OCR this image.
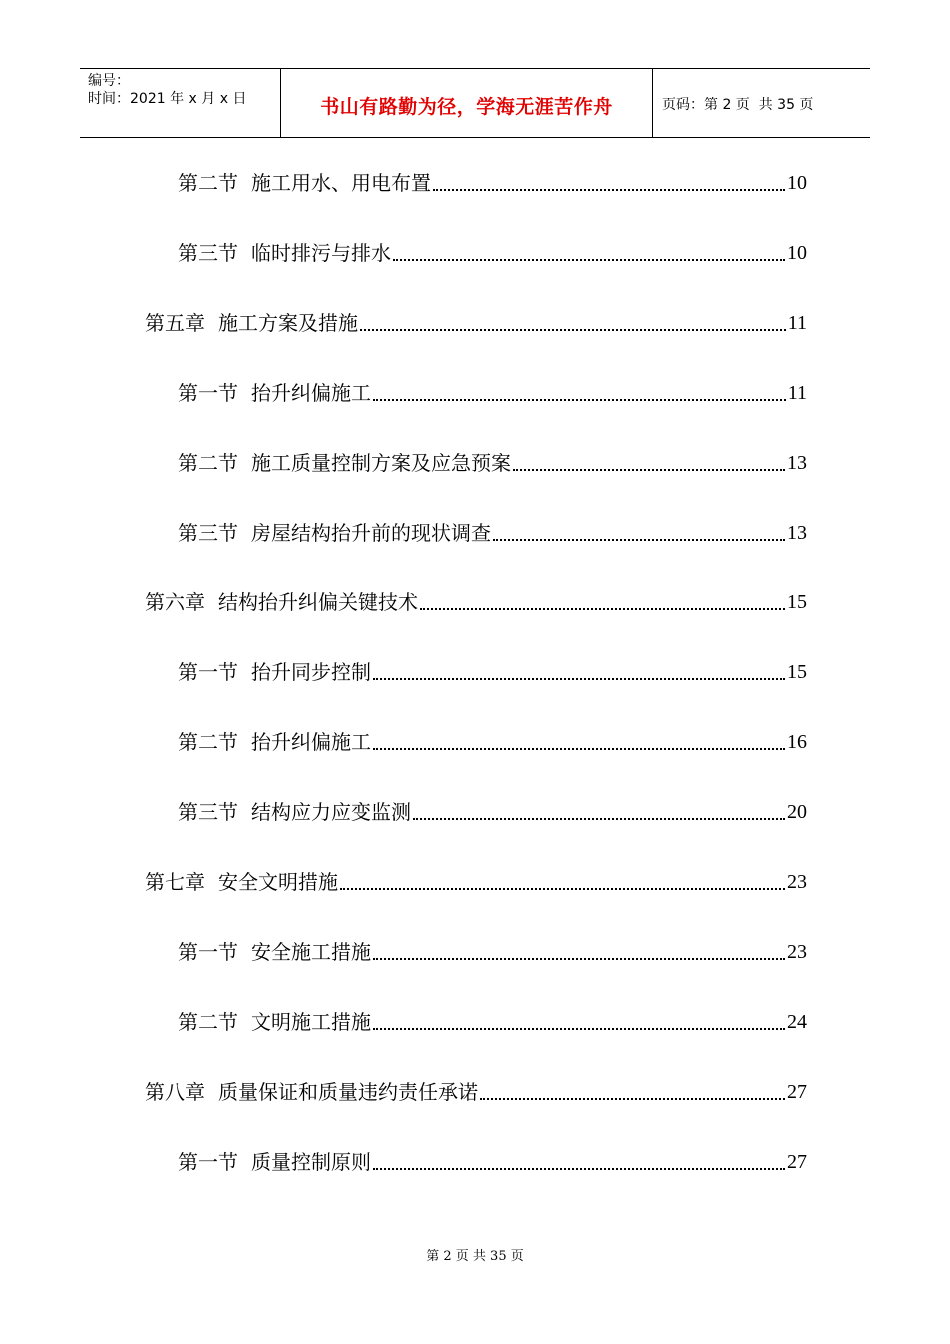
编号：
时间：2021 年 x 月 x 日	书山有路勤为径，学海无涯苦作舟	页码：第 2 页  共 35 页
第二节 施工用水、用电布置	10
第三节 临时排污与排水	10
第五章 施工方案及措施	11
第一节 抬升纠偏施工	11
第二节 施工质量控制方案及应急预案	13
第三节 房屋结构抬升前的现状调查	13
第六章 结构抬升纠偏关键技术	15
第一节 抬升同步控制	15
第二节 抬升纠偏施工	16
第三节 结构应力应变监测	20
第七章 安全文明措施	23
第一节 安全施工措施	23
第二节 文明施工措施	24
第八章 质量保证和质量违约责任承诺	27
第一节 质量控制原则	27
第 2 页 共 35 页
